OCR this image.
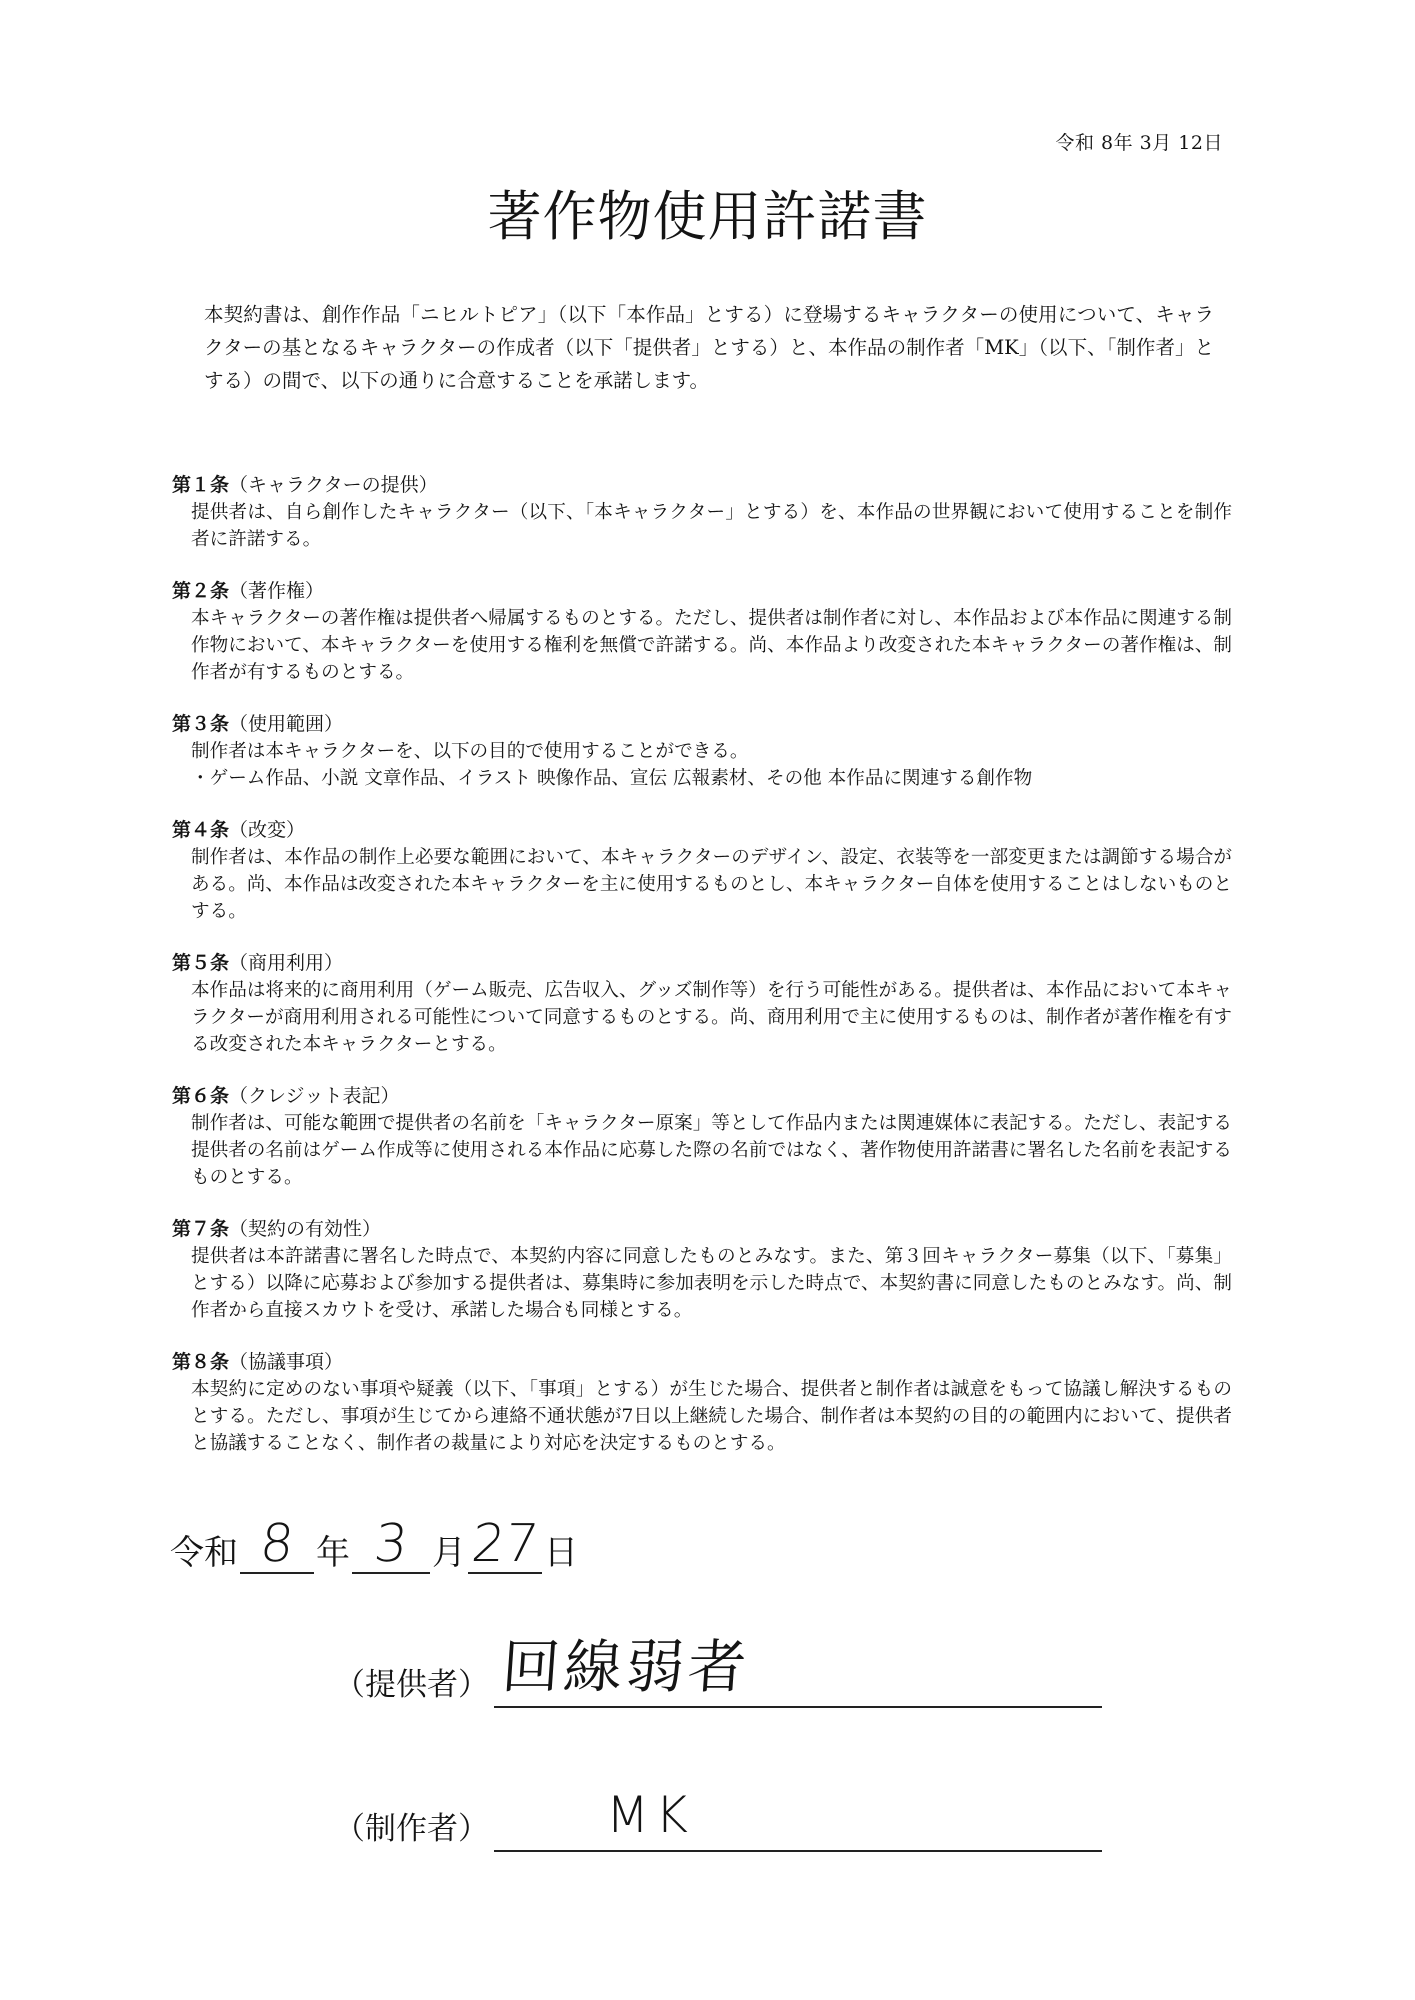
令和 8年 3月 12日
著作物使用許諾書
本契約書は、創作作品「ニヒルトピア」（以下「本作品」とする）に登場するキャラクターの使用について、キャラクターの基となるキャラクターの作成者（以下「提供者」とする）と、本作品の制作者「MK」（以下、「制作者」とする）の間で、以下の通りに合意することを承諾します。
第１条（キャラクターの提供）

提供者は、自ら創作したキャラクター（以下、「本キャラクター」とする）を、本作品の世界観において使用することを制作者に許諾する。

第２条（著作権）

本キャラクターの著作権は提供者へ帰属するものとする。ただし、提供者は制作者に対し、本作品および本作品に関連する制作物において、本キャラクターを使用する権利を無償で許諾する。尚、本作品より改変された本キャラクターの著作権は、制作者が有するものとする。

第３条（使用範囲）

制作者は本キャラクターを、以下の目的で使用することができる。

・ゲーム作品、小説 文章作品、イラスト 映像作品、宣伝 広報素材、その他 本作品に関連する創作物

第４条（改変）

制作者は、本作品の制作上必要な範囲において、本キャラクターのデザイン、設定、衣装等を一部変更または調節する場合がある。尚、本作品は改変された本キャラクターを主に使用するものとし、本キャラクター自体を使用することはしないものとする。

第５条（商用利用）

本作品は将来的に商用利用（ゲーム販売、広告収入、グッズ制作等）を行う可能性がある。提供者は、本作品において本キャラクターが商用利用される可能性について同意するものとする。尚、商用利用で主に使用するものは、制作者が著作権を有する改変された本キャラクターとする。

第６条（クレジット表記）

制作者は、可能な範囲で提供者の名前を「キャラクター原案」等として作品内または関連媒体に表記する。ただし、表記する提供者の名前はゲーム作成等に使用される本作品に応募した際の名前ではなく、著作物使用許諾書に署名した名前を表記するものとする。

第７条（契約の有効性）

提供者は本許諾書に署名した時点で、本契約内容に同意したものとみなす。また、第３回キャラクター募集（以下、「募集」とする）以降に応募および参加する提供者は、募集時に参加表明を示した時点で、本契約書に同意したものとみなす。尚、制作者から直接スカウトを受け、承諾した場合も同様とする。

第８条（協議事項）

本契約に定めのない事項や疑義（以下、「事項」とする）が生じた場合、提供者と制作者は誠意をもって協議し解決するものとする。ただし、事項が生じてから連絡不通状態が7日以上継続した場合、制作者は本契約の目的の範囲内において、提供者と協議することなく、制作者の裁量により対応を決定するものとする。

令和 8 年 3 月 27 日
（提供者） 回線弱者
（制作者） MK
